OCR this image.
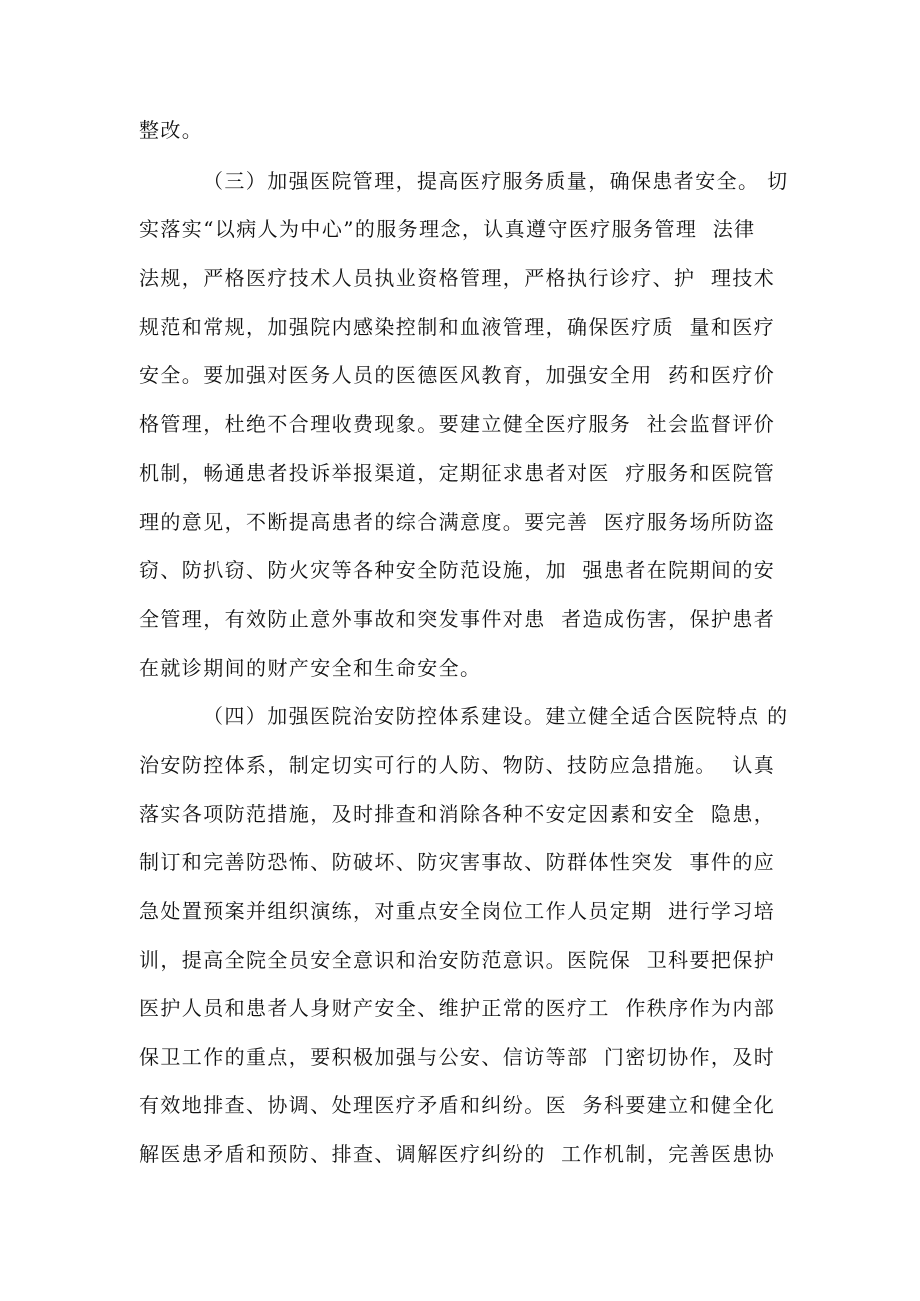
整改。
（三）加强医院管理，提高医疗服务质量，确保患者安全。 切
实落实“以病人为中心”的服务理念，认真遵守医疗服务管理  法律
法规，严格医疗技术人员执业资格管理，严格执行诊疗、护  理技术
规范和常规，加强院内感染控制和血液管理，确保医疗质  量和医疗
安全。要加强对医务人员的医德医风教育，加强安全用  药和医疗价
格管理，杜绝不合理收费现象。要建立健全医疗服务  社会监督评价
机制，畅通患者投诉举报渠道，定期征求患者对医  疗服务和医院管
理的意见，不断提高患者的综合满意度。要完善  医疗服务场所防盗
窃、防扒窃、防火灾等各种安全防范设施，加  强患者在院期间的安
全管理，有效防止意外事故和突发事件对患  者造成伤害，保护患者
在就诊期间的财产安全和生命安全。
（四）加强医院治安防控体系建设。建立健全适合医院特点 的
治安防控体系，制定切实可行的人防、物防、技防应急措施。  认真
落实各项防范措施，及时排查和消除各种不安定因素和安全  隐患，
制订和完善防恐怖、防破坏、防灾害事故、防群体性突发  事件的应
急处置预案并组织演练，对重点安全岗位工作人员定期  进行学习培
训，提高全院全员安全意识和治安防范意识。医院保  卫科要把保护
医护人员和患者人身财产安全、维护正常的医疗工  作秩序作为内部
保卫工作的重点，要积极加强与公安、信访等部  门密切协作，及时
有效地排查、协调、处理医疗矛盾和纠纷。医  务科要建立和健全化
解医患矛盾和预防、排查、调解医疗纠纷的  工作机制，完善医患协
